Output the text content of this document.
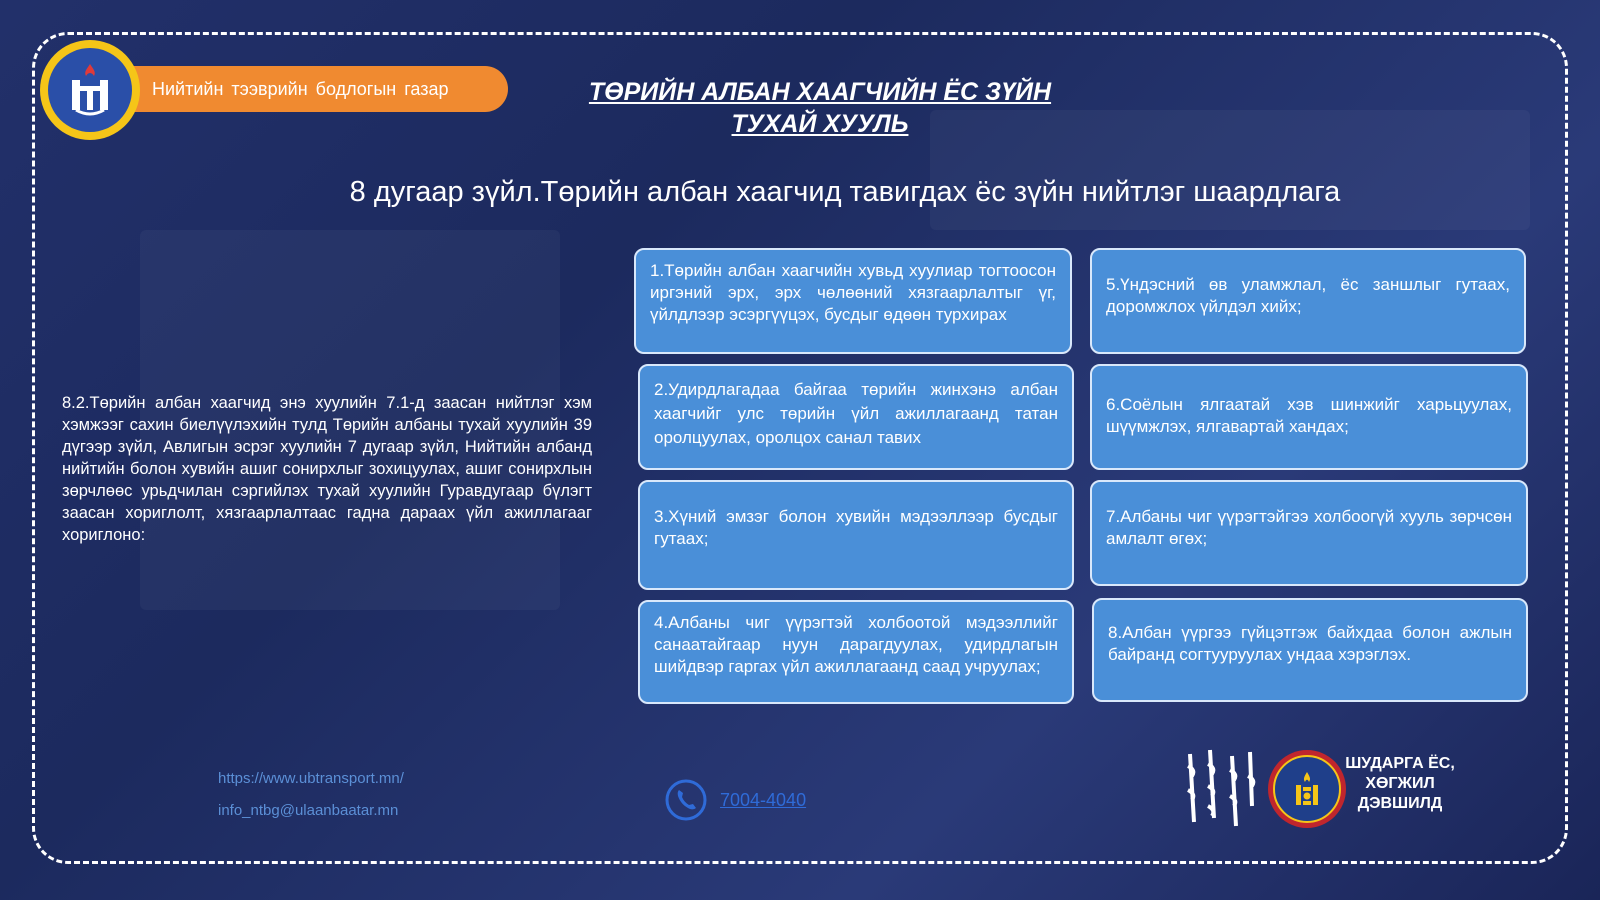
Нийтийн тээврийн бодлогын газар	ТӨРИЙН АЛБАН ХААГЧИЙН ЁС ЗҮЙН
ТУХАЙ ХУУЛЬ
8 дугаар зүйл.Төрийн албан хаагчид тавигдах ёс зүйн нийтлэг шаардлага
8.2.Төрийн албан хаагчид энэ хуулийн 7.1-д заасан нийтлэг хэм хэмжээг сахин биелүүлэхийн тулд Төрийн албаны тухай хуулийн 39 дүгээр зүйл, Авлигын эсрэг хуулийн 7 дугаар зүйл, Нийтийн албанд нийтийн болон хувийн ашиг сонирхлыг зохицуулах, ашиг сонирхлын зөрчлөөс урьдчилан сэргийлэх тухай хуулийн Гуравдугаар бүлэгт заасан хориглолт, хязгаарлалтаас гадна дараах үйл ажиллагааг хориглоно:
1.Төрийн албан хаагчийн хувьд хуулиар тогтоосон иргэний эрх, эрх чөлөөний хязгаарлалтыг үг, үйлдлээр эсэргүүцэх, бусдыг өдөөн турхирах
2.Удирдлагадаа байгаа төрийн жинхэнэ албан хаагчийг улс төрийн үйл ажиллагаанд татан оролцуулах, оролцох санал тавих
3.Хүний эмзэг болон хувийн мэдээллээр бусдыг гутаах;
4.Албаны чиг үүрэгтэй холбоотой мэдээллийг санаатайгаар нуун дарагдуулах, удирдлагын шийдвэр гаргах үйл ажиллагаанд саад учруулах;
5.Үндэсний өв уламжлал, ёс заншлыг гутаах, доромжлох үйлдэл хийх;
6.Соёлын ялгаатай хэв шинжийг харьцуулах, шүүмжлэх, ялгавартай хандах;
7.Албаны чиг үүрэгтэйгээ холбоогүй хууль зөрчсөн амлалт өгөх;
8.Албан үүргээ гүйцэтгэж байхдаа болон ажлын байранд согтууруулах ундаа хэрэглэх.
https://www.ubtransport.mn/
info_ntbg@ulaanbaatar.mn
7004-4040
ШУДАРГА ЁС,
ХӨГЖИЛ
ДЭВШИЛД
